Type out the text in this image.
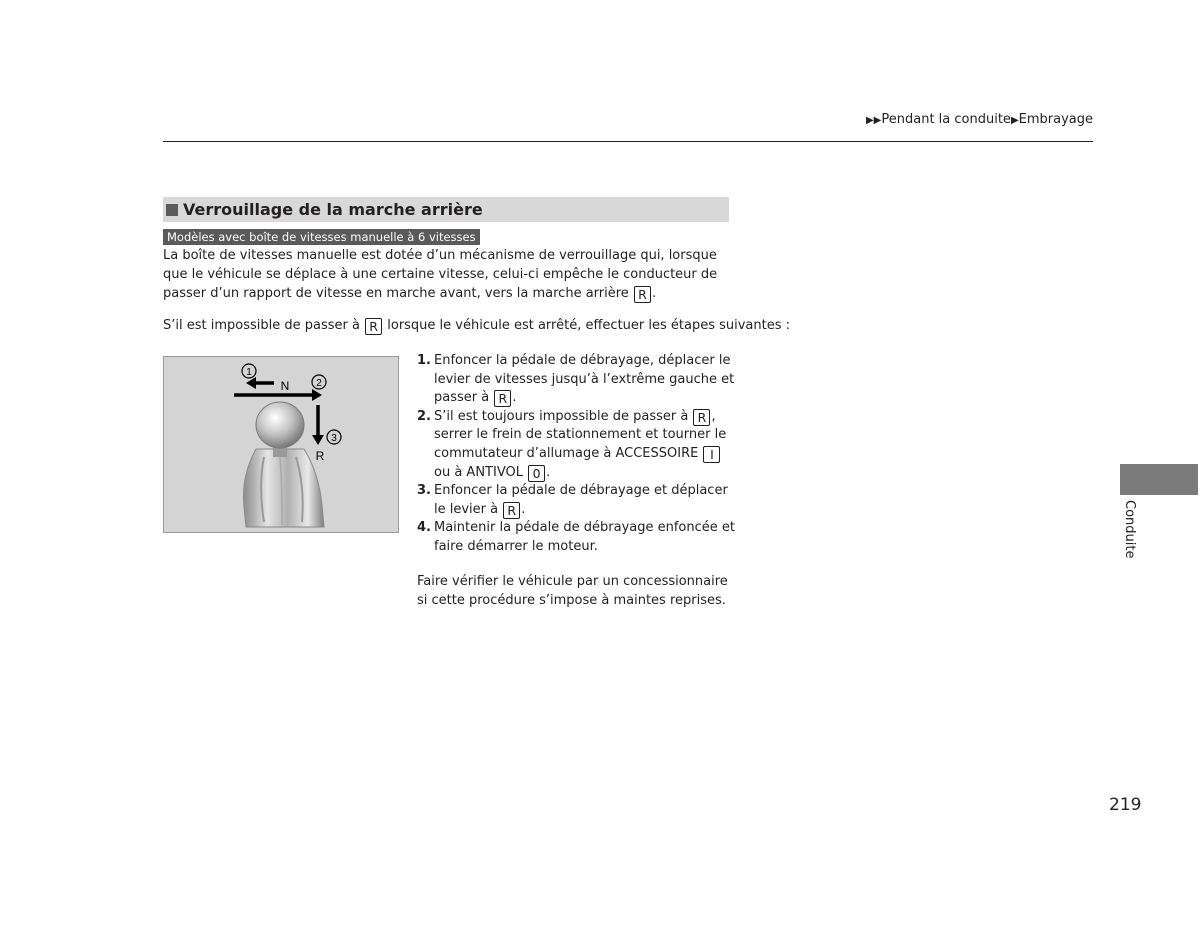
▶▶Pendant la conduite▶Embrayage
Verrouillage de la marche arrière
Modèles avec boîte de vitesses manuelle à 6 vitesses

La boîte de vitesses manuelle est dotée d’un mécanisme de verrouillage qui, lorsque que le véhicule se déplace à une certaine vitesse, celui-ci empêche le conducteur de passer d’un rapport de vitesse en marche avant, vers la marche arrière R .

S’il est impossible de passer à R lorsque le véhicule est arrêté, effectuer les étapes suivantes :

1
2
3
N
R
1. Enfoncer la pédale de débrayage, déplacer le levier de vitesses jusqu’à l’extrême gauche et passer à R .
2. S’il est toujours impossible de passer à R , serrer le frein de stationnement et tourner le commutateur d’allumage à ACCESSOIRE I ou à ANTIVOL 0 .
3. Enfoncer la pédale de débrayage et déplacer le levier à R .
4. Maintenir la pédale de débrayage enfoncée et faire démarrer le moteur.

Faire vérifier le véhicule par un concessionnaire si cette procédure s’impose à maintes reprises.

Conduite
219
